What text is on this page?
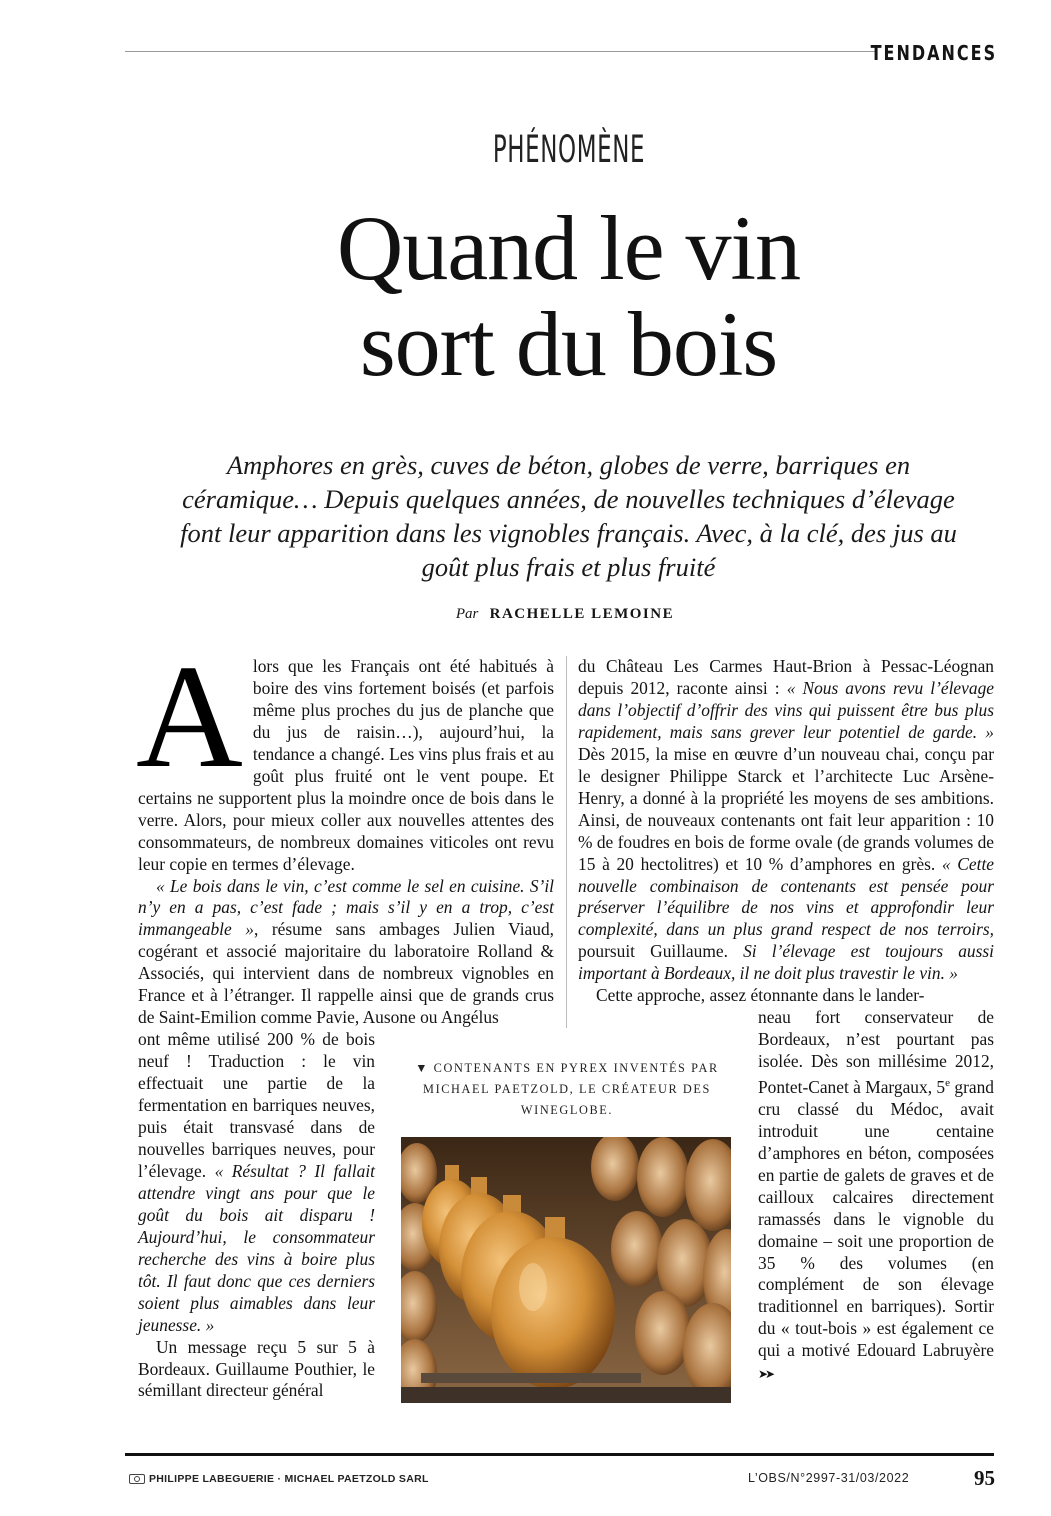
TENDANCES
PHÉNOMÈNE
Quand le vin
sort du bois
Amphores en grès, cuves de béton, globes de verre, barriques en céramique… Depuis quelques années, de nouvelles techniques d’élevage font leur apparition dans les vignobles français. Avec, à la clé, des jus au goût plus frais et plus fruité
Par RACHELLE LEMOINE

Alors que les Français ont été habitués à boire des vins fortement boisés (et parfois même plus proches du jus de planche que du jus de raisin…), aujourd’hui, la tendance a changé. Les vins plus frais et au goût plus fruité ont le vent poupe. Et certains ne supportent plus la moindre once de bois dans le verre. Alors, pour mieux coller aux nouvelles attentes des consommateurs, de nombreux domaines viticoles ont revu leur copie en termes d’élevage.

« Le bois dans le vin, c’est comme le sel en cuisine. S’il n’y en a pas, c’est fade ; mais s’il y en a trop, c’est immangeable », résume sans ambages Julien Viaud, cogérant et associé majoritaire du laboratoire Rolland & Associés, qui intervient dans de nombreux vignobles en France et à l’étranger. Il rappelle ainsi que de grands crus de Saint-Emilion comme Pavie, Ausone ou Angélus

ont même utilisé 200 % de bois neuf ! Traduction : le vin effectuait une partie de la fermentation en barriques neuves, puis était transvasé dans de nouvelles barriques neuves, pour l’élevage. « Résultat ? Il fallait attendre vingt ans pour que le goût du bois ait disparu ! Aujourd’hui, le consommateur recherche des vins à boire plus tôt. Il faut donc que ces derniers soient plus aimables dans leur jeunesse. »

Un message reçu 5 sur 5 à Bordeaux. Guillaume Pouthier, le sémillant directeur général

du Château Les Carmes Haut-Brion à Pessac-Léognan depuis 2012, raconte ainsi : « Nous avons revu l’élevage dans l’objectif d’offrir des vins qui puissent être bus plus rapidement, mais sans grever leur potentiel de garde. » Dès 2015, la mise en œuvre d’un nouveau chai, conçu par le designer Philippe Starck et l’architecte Luc Arsène-Henry, a donné à la propriété les moyens de ses ambitions. Ainsi, de nouveaux contenants ont fait leur apparition : 10 % de foudres en bois de forme ovale (de grands volumes de 15 à 20 hectolitres) et 10 % d’amphores en grès. « Cette nouvelle combinaison de contenants est pensée pour préserver l’équilibre de nos vins et approfondir leur complexité, dans un plus grand respect de nos terroirs, poursuit Guillaume. Si l’élevage est toujours aussi important à Bordeaux, il ne doit plus travestir le vin. »

Cette approche, assez étonnante dans le lander-

neau fort conservateur de Bordeaux, n’est pourtant pas isolée. Dès son millésime 2012, Pontet-Canet à Margaux, 5e grand cru classé du Médoc, avait introduit une centaine d’amphores en béton, composées en partie de galets de graves et de cailloux calcaires directement ramassés dans le vignoble du domaine – soit une proportion de 35 % des volumes (en complément de son élevage traditionnel en barriques). Sortir du « tout-bois » est également ce qui a motivé Edouard Labruyère ➤➤

▼ CONTENANTS EN PYREX INVENTÉS PAR MICHAEL PAETZOLD, LE CRÉATEUR DES WINEGLOBE.
PHILIPPE LABEGUERIE · MICHAEL PAETZOLD SARL	L’OBS/N°2997-31/03/2022	95
